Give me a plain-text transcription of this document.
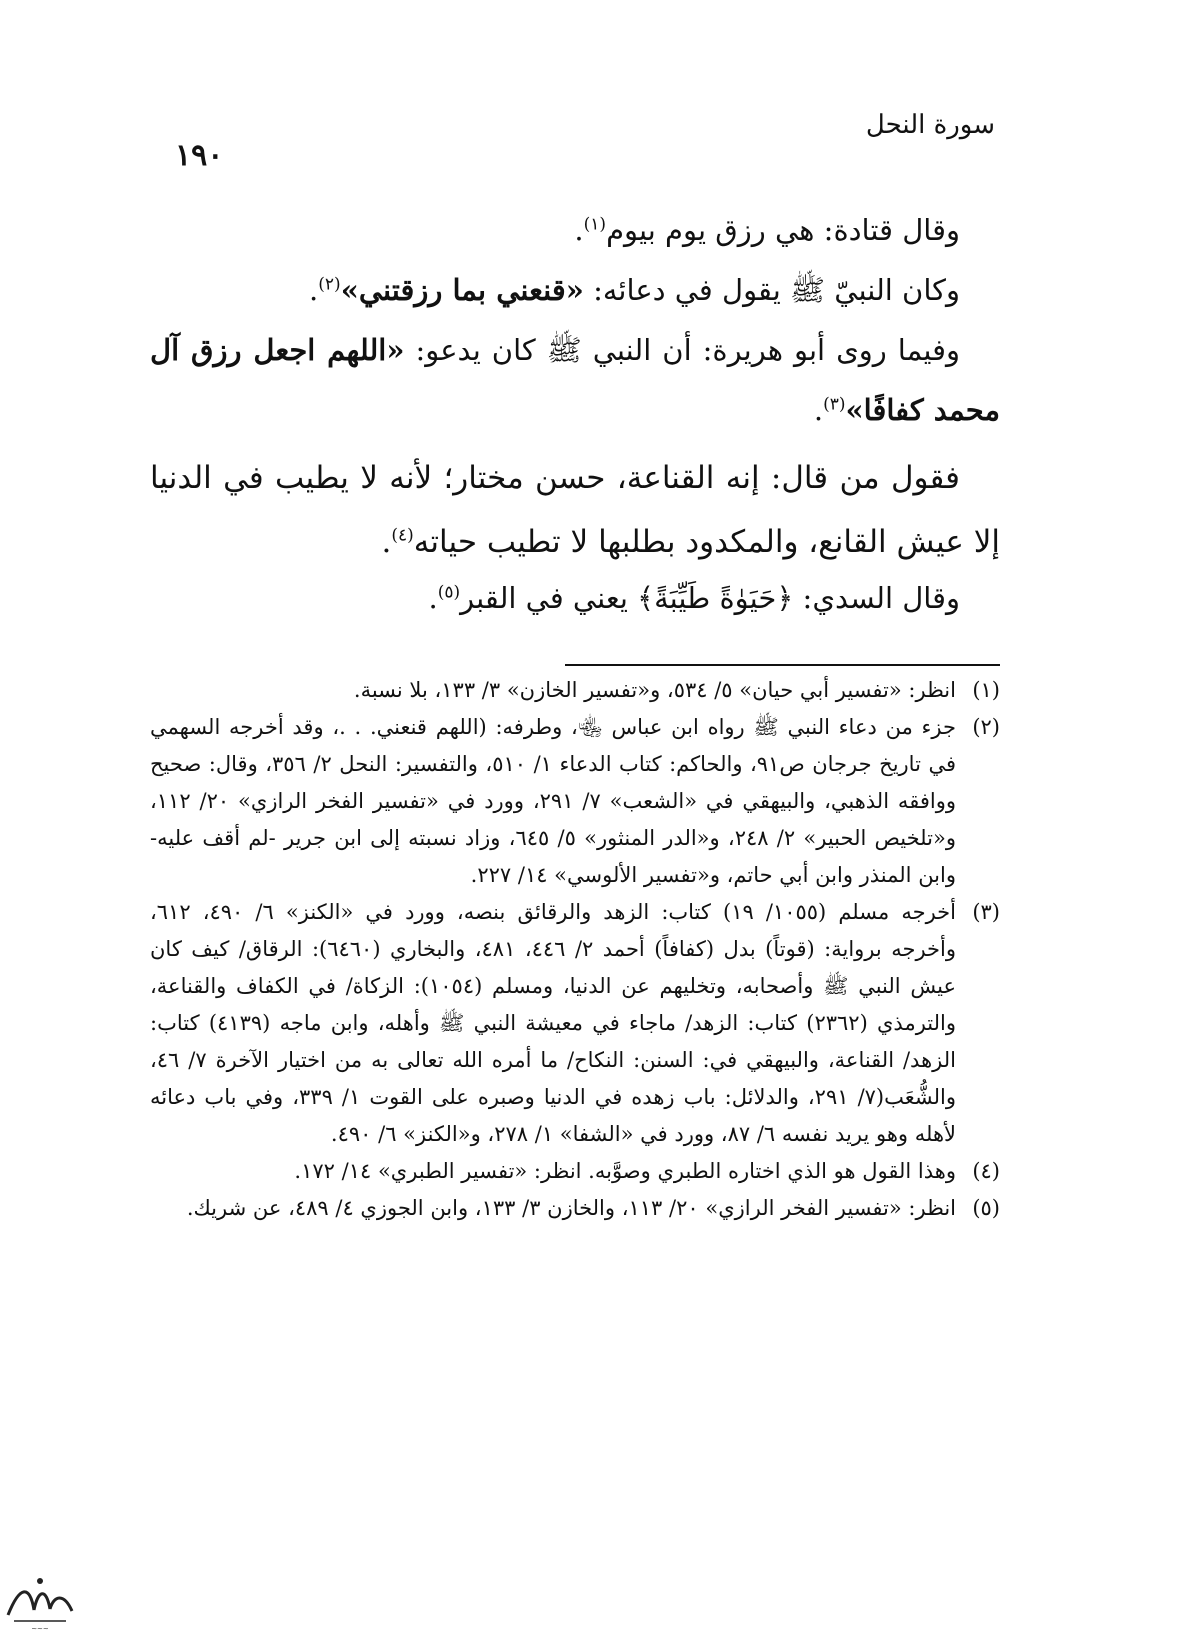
١٩٠
سورة النحل

وقال قتادة: هي رزق يوم بيوم$^{(١)}$.

وكان النبيّ ﷺ يقول في دعائه: «قنعني بما رزقتني»$^{(٢)}$.

وفيما روى أبو هريرة: أن النبي ﷺ كان يدعو: «اللهم اجعل رزق آل محمد كفافًا»$^{(٣)}$.

فقول من قال: إنه القناعة، حسن مختار؛ لأنه لا يطيب في الدنيا إلا عيش القانع، والمكدود بطلبها لا تطيب حياته$^{(٤)}$.

وقال السدي: ﴿حَيَوٰةً طَيِّبَةً﴾ يعني في القبر$^{(٥)}$.

(١)
انظر: «تفسير أبي حيان» ٥/ ٥٣٤، و«تفسير الخازن» ٣/ ١٣٣، بلا نسبة.
(٢)
جزء من دعاء النبي ﷺ رواه ابن عباس ﵄، وطرفه: (اللهم قنعني. . .، وقد أخرجه السهمي في تاريخ جرجان ص٩١، والحاكم: كتاب الدعاء ١/ ٥١٠، والتفسير: النحل ٢/ ٣٥٦، وقال: صحيح ووافقه الذهبي، والبيهقي في «الشعب» ٧/ ٢٩١، وورد في «تفسير الفخر الرازي» ٢٠/ ١١٢، و«تلخيص الحبير» ٢/ ٢٤٨، و«الدر المنثور» ٥/ ٦٤٥، وزاد نسبته إلى ابن جرير -لم أقف عليه- وابن المنذر وابن أبي حاتم، و«تفسير الألوسي» ١٤/ ٢٢٧.
(٣)
أخرجه مسلم (١٠٥٥/ ١٩) كتاب: الزهد والرقائق بنصه، وورد في «الكنز» ٦/ ٤٩٠، ٦١٢، وأخرجه برواية: (قوتاً) بدل (كفافاً) أحمد ٢/ ٤٤٦، ٤٨١، والبخاري (٦٤٦٠): الرقاق/ كيف كان عيش النبي ﷺ وأصحابه، وتخليهم عن الدنيا، ومسلم (١٠٥٤): الزكاة/ في الكفاف والقناعة، والترمذي (٢٣٦٢) كتاب: الزهد/ ماجاء في معيشة النبي ﷺ وأهله، وابن ماجه (٤١٣٩) كتاب: الزهد/ القناعة، والبيهقي في: السنن: النكاح/ ما أمره الله تعالى به من اختيار الآخرة ٧/ ٤٦، والشُّعَب(٧/ ٢٩١، والدلائل: باب زهده في الدنيا وصبره على القوت ١/ ٣٣٩، وفي باب دعائه لأهله وهو يريد نفسه ٦/ ٨٧، وورد في «الشفا» ١/ ٢٧٨، و«الكنز» ٦/ ٤٩٠.
(٤)
وهذا القول هو الذي اختاره الطبري وصوَّبه. انظر: «تفسير الطبري» ١٤/ ١٧٢.
(٥)
انظر: «تفسير الفخر الرازي» ٢٠/ ١١٣، والخازن ٣/ ١٣٣، وابن الجوزي ٤/ ٤٨٩، عن شريك.
~~~
